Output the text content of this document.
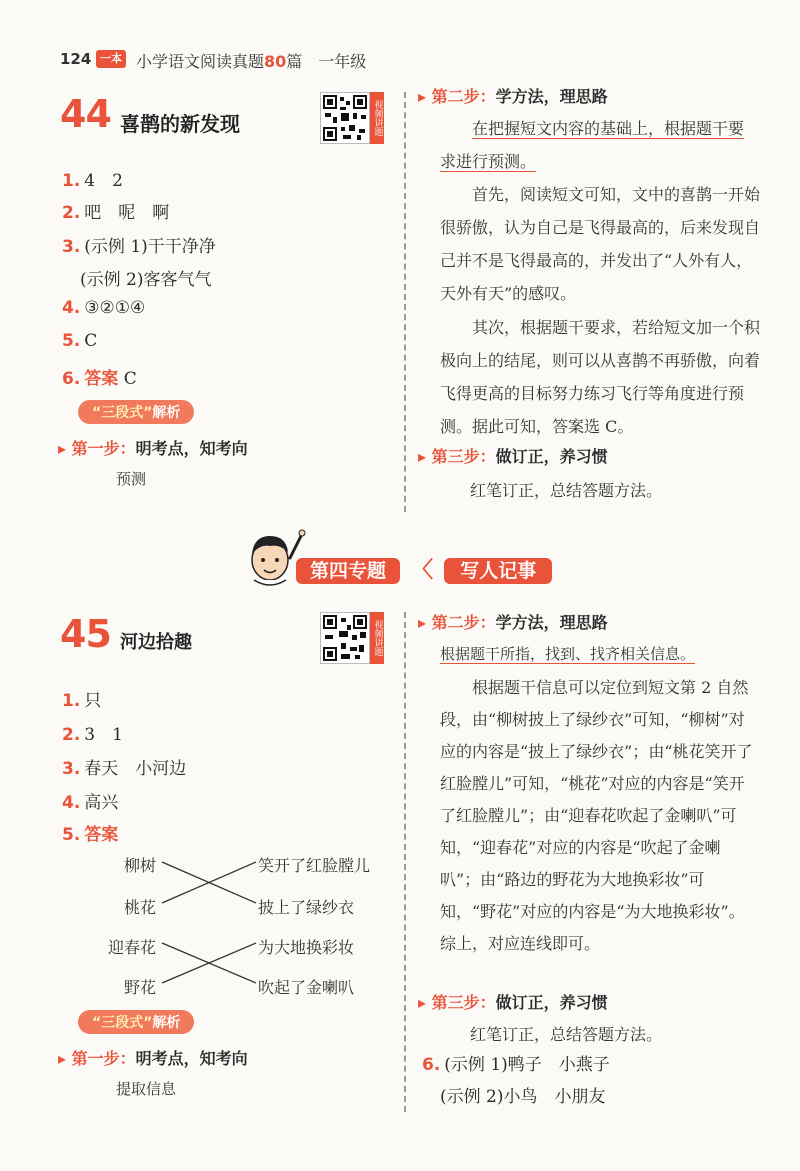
124 一本 小学语文阅读真题80篇　一年级
44 喜鹊的新发现	视频讲题
1. 4　2
2. 吧　呢　啊
3. (示例 1)干干净净
(示例 2)客客气气
4. ③②①④
5. C
6. 答案 C
“三段式”解析
▸ 第一步：明考点，知考向
预测
▸ 第二步：学方法，理思路
在把握短文内容的基础上，根据题干要求进行预测。
首先，阅读短文可知，文中的喜鹊一开始很骄傲，认为自己是飞得最高的，后来发现自己并不是飞得最高的，并发出了“人外有人，天外有天”的感叹。
其次，根据题干要求，若给短文加一个积极向上的结尾，则可以从喜鹊不再骄傲，向着飞得更高的目标努力练习飞行等角度进行预测。据此可知，答案选 C。
▸ 第三步：做订正，养习惯
红笔订正，总结答题方法。
第四专题 〈 写人记事
45 河边拾趣	视频讲题
1. 只
2. 3　1
3. 春天　小河边
4. 高兴
5. 答案
柳树
桃花
迎春花
野花
笑开了红脸膛儿
披上了绿纱衣
为大地换彩妆
吹起了金喇叭
“三段式”解析
▸ 第一步：明考点，知考向
提取信息
▸ 第二步：学方法，理思路
根据题干所指，找到、找齐相关信息。
根据题干信息可以定位到短文第 2 自然段，由“柳树披上了绿纱衣”可知，“柳树”对应的内容是“披上了绿纱衣”；由“桃花笑开了红脸膛儿”可知，“桃花”对应的内容是“笑开了红脸膛儿”；由“迎春花吹起了金喇叭”可知，“迎春花”对应的内容是“吹起了金喇叭”；由“路边的野花为大地换彩妆”可知，“野花”对应的内容是“为大地换彩妆”。综上，对应连线即可。
▸ 第三步：做订正，养习惯
红笔订正，总结答题方法。
6. (示例 1)鸭子　小燕子
(示例 2)小鸟　小朋友
